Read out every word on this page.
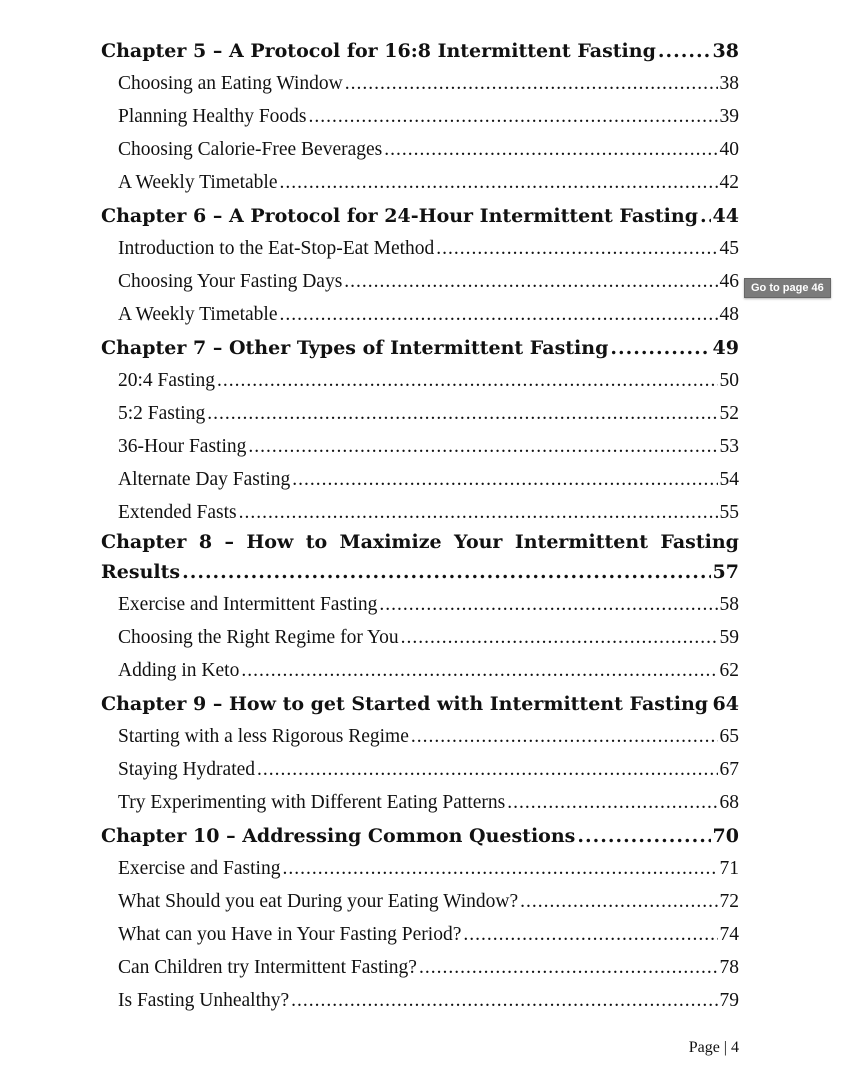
Chapter 5 – A Protocol for 16:8 Intermittent Fasting .....	38
Choosing an Eating Window .....	38
Planning Healthy Foods .....	39
Choosing Calorie-Free Beverages .....	40
A Weekly Timetable .....	42
Chapter 6 – A Protocol for 24-Hour Intermittent Fasting ..... 44
Introduction to the Eat-Stop-Eat Method .....	45
Choosing Your Fasting Days .....	46
A Weekly Timetable .....	48
Chapter 7 – Other Types of Intermittent Fasting .....	49
20:4 Fasting .....	50
5:2 Fasting .....	52
36-Hour Fasting .....	53
Alternate Day Fasting .....	54
Extended Fasts .....	55
Chapter 8 – How to Maximize Your Intermittent Fasting
Results .....	57
Exercise and Intermittent Fasting .....	58
Choosing the Right Regime for You .....	59
Adding in Keto .....	62
Chapter 9 – How to get Started with Intermittent Fasting ..... 64
Starting with a less Rigorous Regime .....	65
Staying Hydrated .....	67
Try Experimenting with Different Eating Patterns .....	68
Chapter 10 – Addressing Common Questions .....	70
Exercise and Fasting .....	71
What Should you eat During your Eating Window? .....	72
What can you Have in Your Fasting Period? .....	74
Can Children try Intermittent Fasting? .....	78
Is Fasting Unhealthy? .....	79
Go to page 46
Page | 4
